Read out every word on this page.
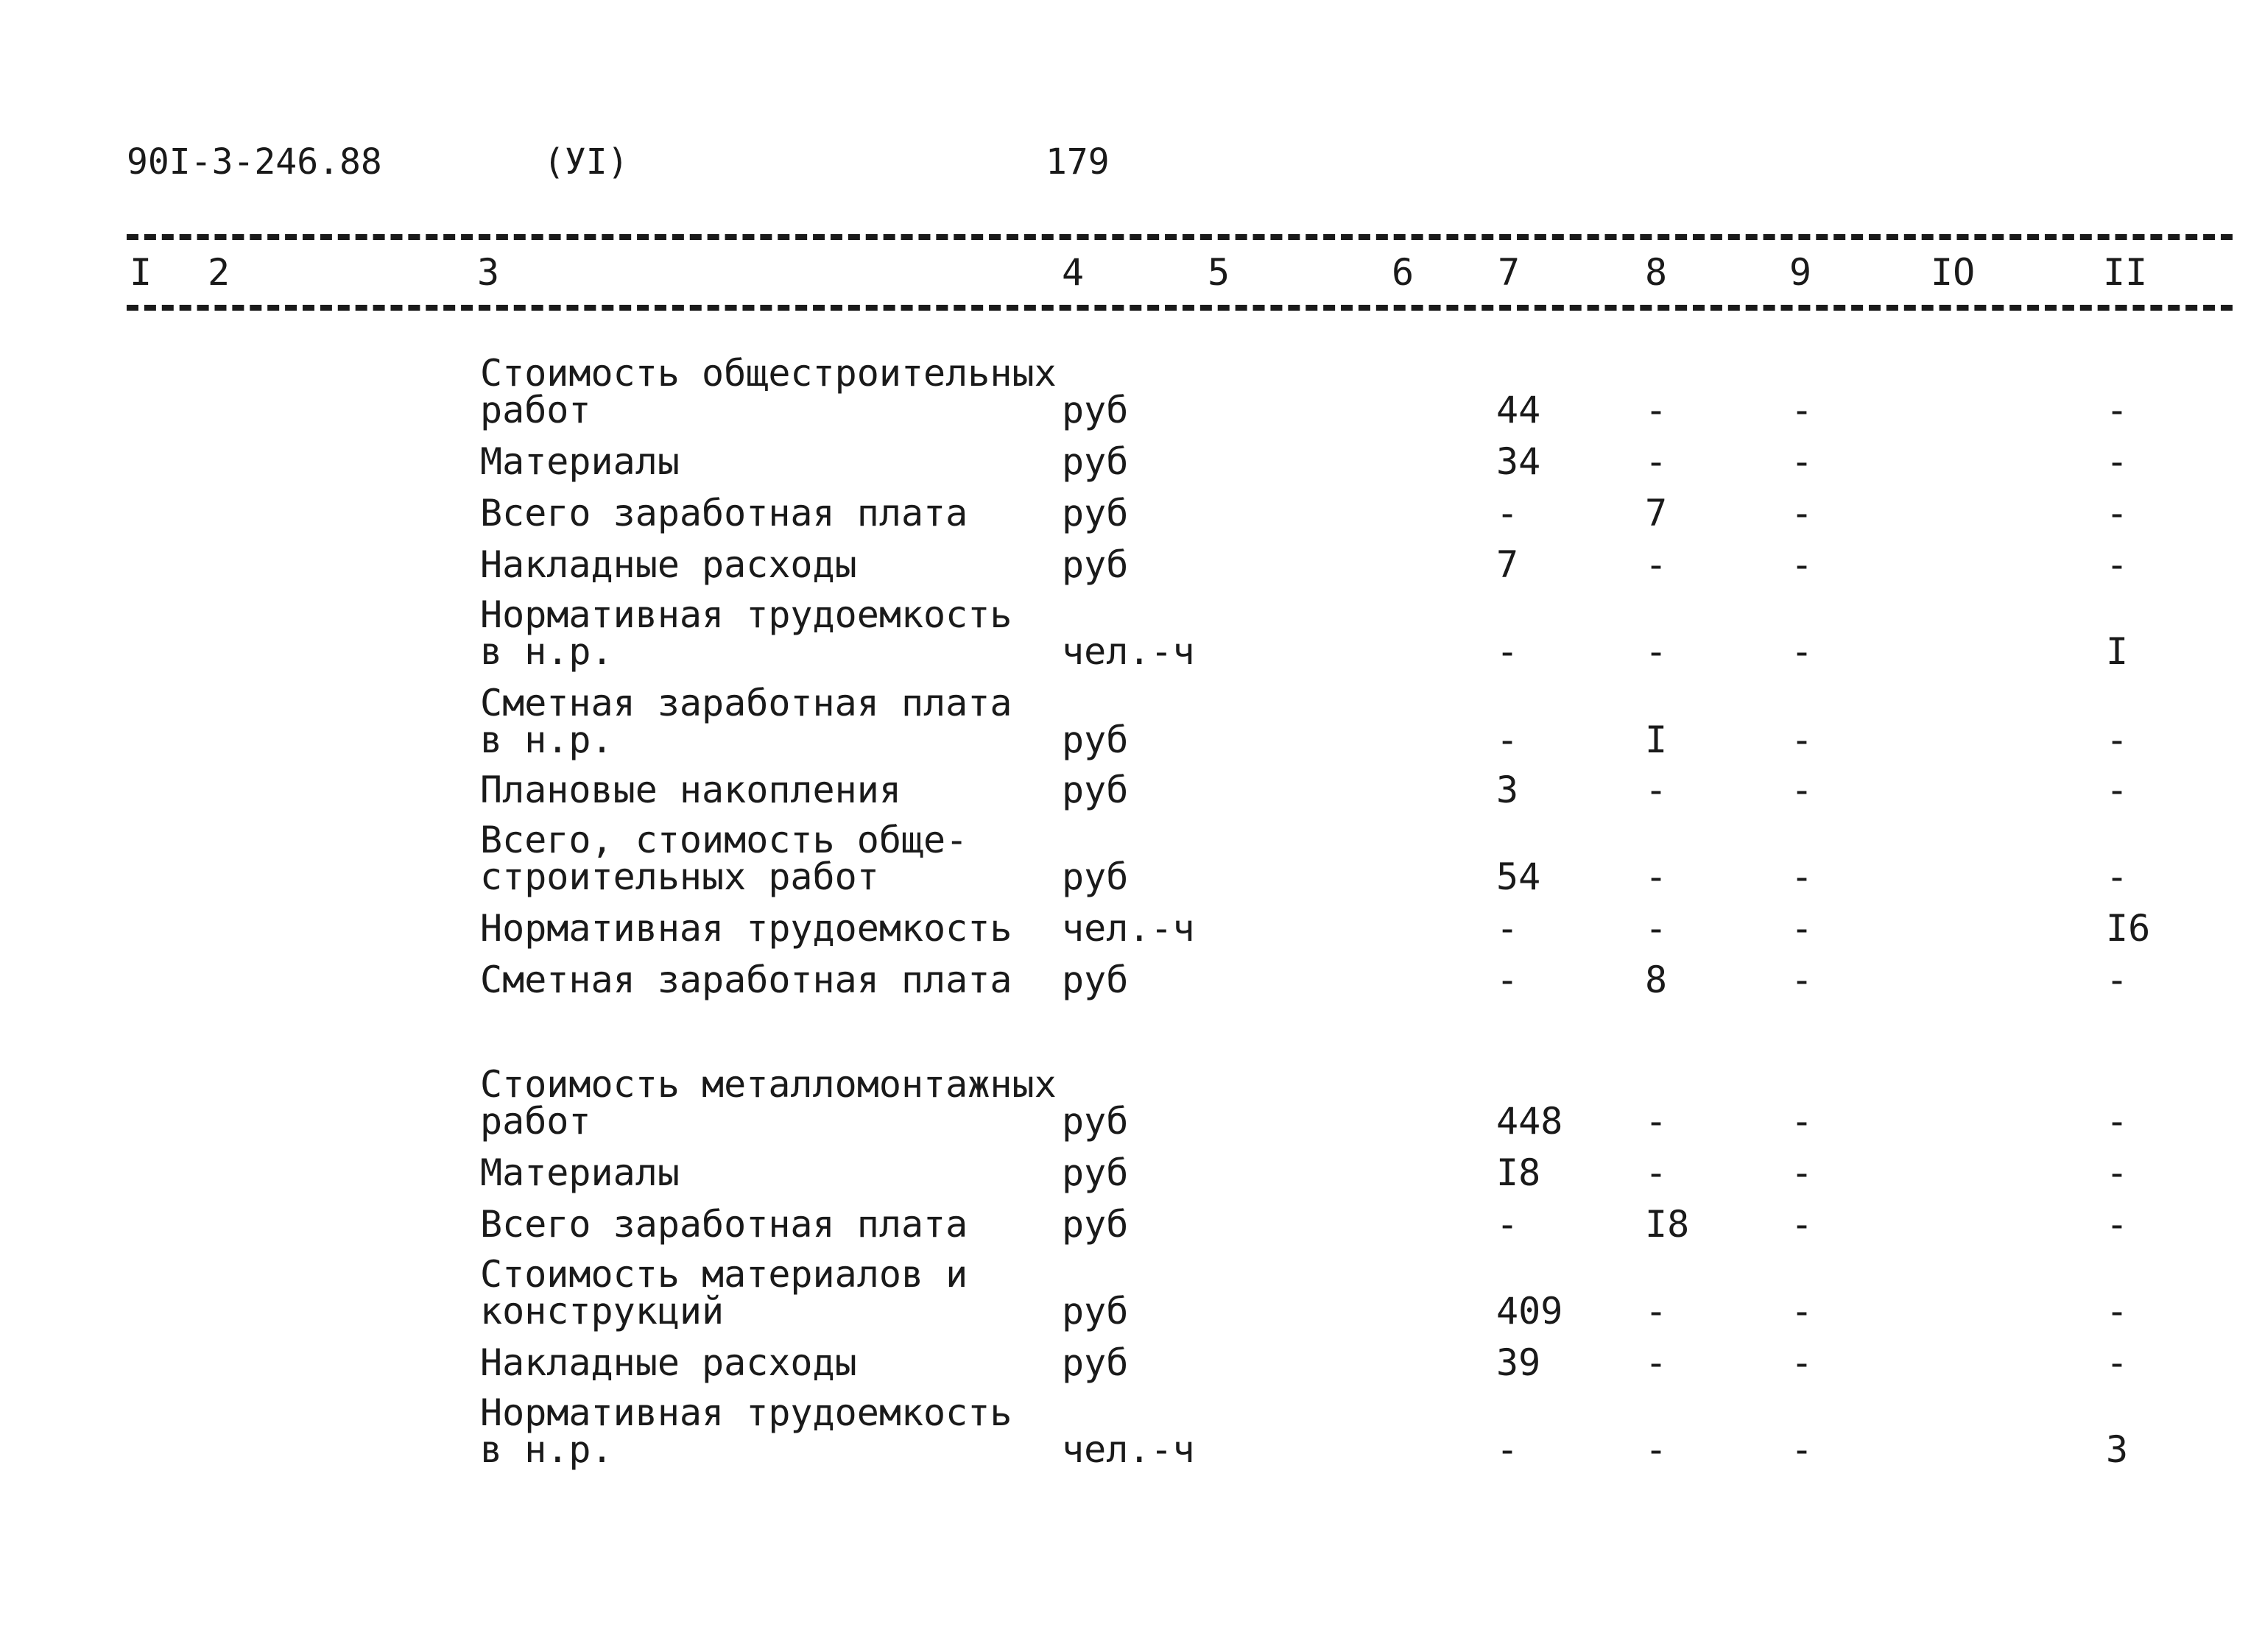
90I-3-246.88	(УI)	179
I 2	3	4	5	6 7	8	9	IO	II
Стоимость общестроительных
работ	руб	44	-	-	-
Материалы	руб	34	-	-	-
Всего заработная плата	руб	-	7	-	-
Накладные расходы	руб	7	-	-	-
Нормативная трудоемкость
в н.р.	чел.-ч	-	-	-	I
Сметная заработная плата
в н.р.	руб	-	I	-	-
Плановые накопления	руб	3	-	-	-
Всего, стоимость обще-
строительных работ	руб	54	-	-	-
Нормативная трудоемкость чел.-ч	-	-	-	I6
Сметная заработная плата руб	-	8	-	-
Стоимость металломонтажных
работ	руб	448 -	-	-
Материалы	руб	I8	-	-	-
Всего заработная плата	руб	-	I8	-	-
Стоимость материалов и
конструкций	руб	409 -	-	-
Накладные расходы	руб	39	-	-	-
Нормативная трудоемкость
в н.р.	чел.-ч	-	-	-	3
